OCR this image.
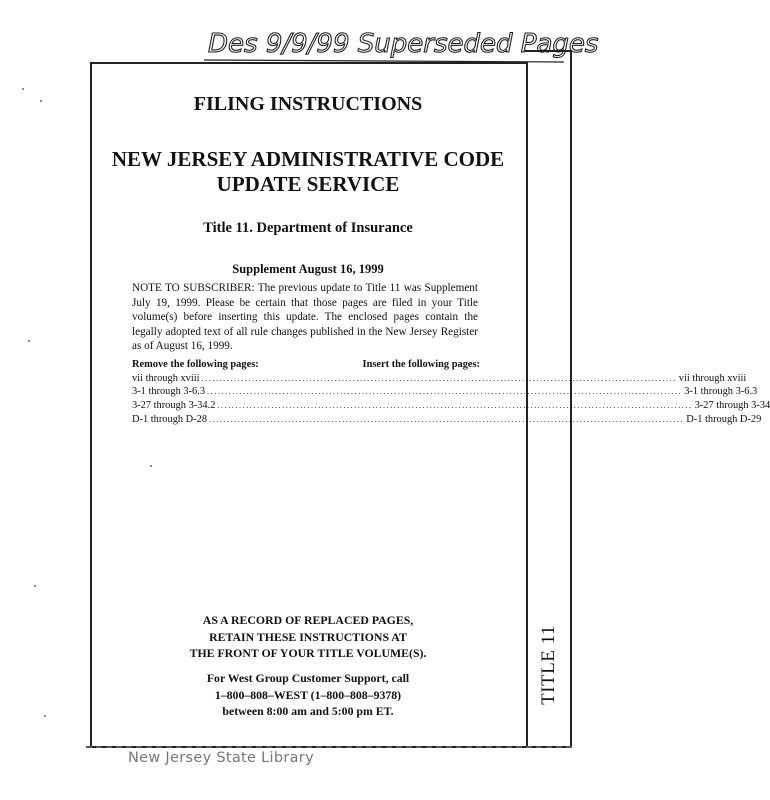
Des 9/9/99 Superseded Pages
TITLE 11
FILING INSTRUCTIONS
NEW JERSEY ADMINISTRATIVE CODE
UPDATE SERVICE
Title 11. Department of Insurance
Supplement August 16, 1999
NOTE TO SUBSCRIBER: The previous update to Title 11 was Supplement July 19, 1999. Please be certain that those pages are filed in your Title volume(s) before inserting this update. The enclosed pages contain the legally adopted text of all rule changes published in the New Jersey Register as of August 16, 1999.
Remove the following pages:	Insert the following pages:
vii through xviii .................................................................................................................................... vii through xviii
3-1 through 3-6.3 .................................................................................................................................... 3-1 through 3-6.3
3-27 through 3-34.2 .................................................................................................................................... 3-27 through 3-34
D-1 through D-28 .................................................................................................................................... D-1 through D-29
AS A RECORD OF REPLACED PAGES,
RETAIN THESE INSTRUCTIONS AT
THE FRONT OF YOUR TITLE VOLUME(S).
For West Group Customer Support, call
1–800–808–WEST (1–800–808–9378)
between 8:00 am and 5:00 pm ET.
New Jersey State Library
